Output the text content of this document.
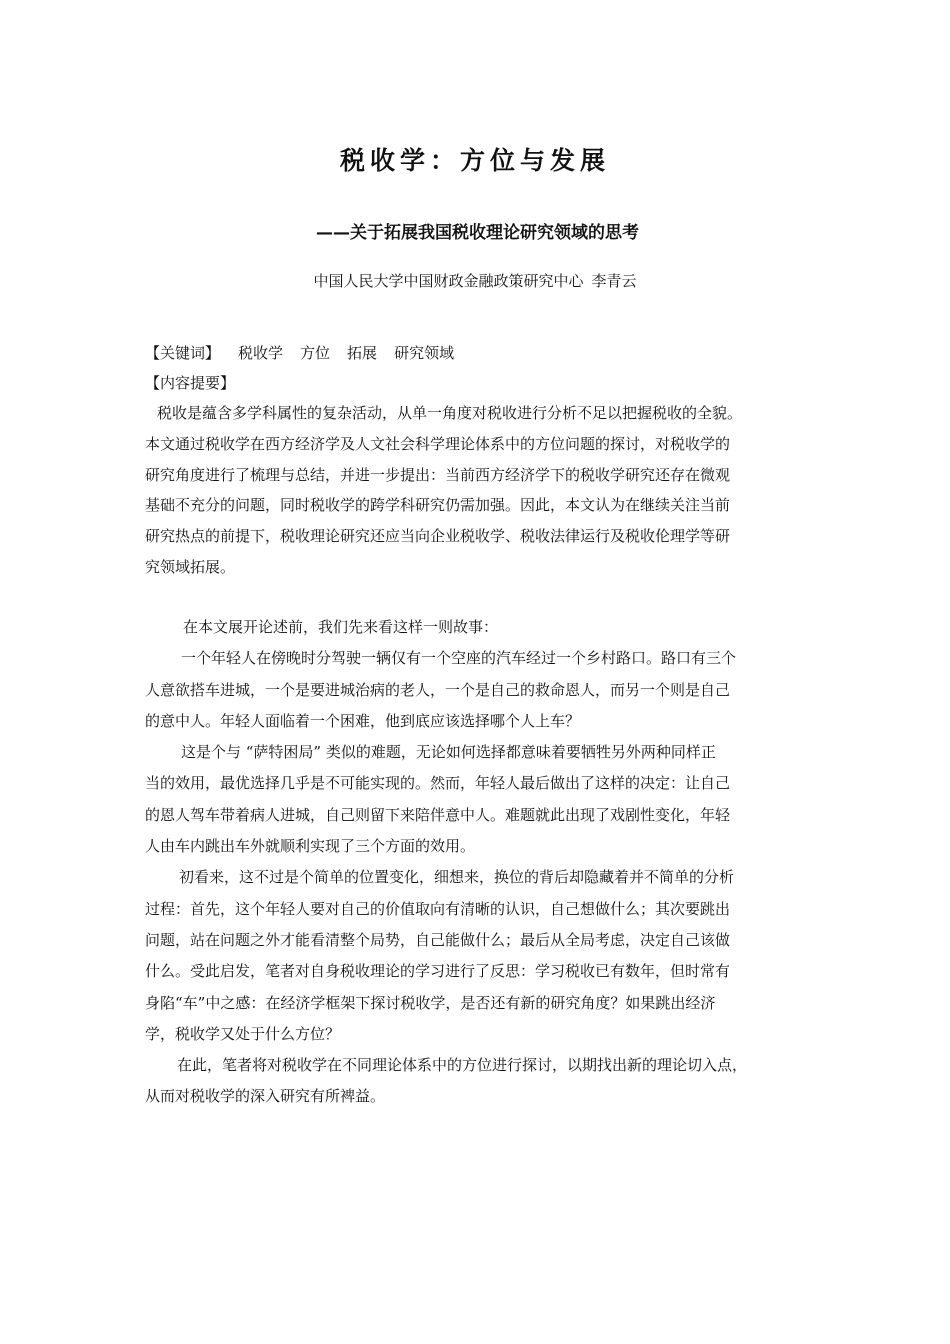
税收学：方位与发展
——关于拓展我国税收理论研究领域的思考
中国人民大学中国财政金融政策研究中心 李青云
【关键词】 税收学 方位 拓展 研究领域
【内容提要】
税收是蕴含多学科属性的复杂活动，从单一角度对税收进行分析不足以把握税收的全貌。
本文通过税收学在西方经济学及人文社会科学理论体系中的方位问题的探讨，对税收学的
研究角度进行了梳理与总结，并进一步提出：当前西方经济学下的税收学研究还存在微观
基础不充分的问题，同时税收学的跨学科研究仍需加强。因此，本文认为在继续关注当前
研究热点的前提下，税收理论研究还应当向企业税收学、税收法律运行及税收伦理学等研
究领域拓展。
在本文展开论述前，我们先来看这样一则故事：
一个年轻人在傍晚时分驾驶一辆仅有一个空座的汽车经过一个乡村路口。路口有三个
人意欲搭车进城，一个是要进城治病的老人，一个是自己的救命恩人，而另一个则是自己
的意中人。年轻人面临着一个困难，他到底应该选择哪个人上车？
这是个与 “萨特困局” 类似的难题，无论如何选择都意味着要牺牲另外两种同样正
当的效用，最优选择几乎是不可能实现的。然而，年轻人最后做出了这样的决定：让自己
的恩人驾车带着病人进城，自己则留下来陪伴意中人。难题就此出现了戏剧性变化，年轻
人由车内跳出车外就顺利实现了三个方面的效用。
初看来，这不过是个简单的位置变化，细想来，换位的背后却隐藏着并不简单的分析
过程：首先，这个年轻人要对自己的价值取向有清晰的认识，自己想做什么；其次要跳出
问题，站在问题之外才能看清整个局势，自己能做什么；最后从全局考虑，决定自己该做
什么。受此启发，笔者对自身税收理论的学习进行了反思：学习税收已有数年，但时常有
身陷“车”中之感：在经济学框架下探讨税收学，是否还有新的研究角度？如果跳出经济
学，税收学又处于什么方位？
在此，笔者将对税收学在不同理论体系中的方位进行探讨，以期找出新的理论切入点，
从而对税收学的深入研究有所裨益。
